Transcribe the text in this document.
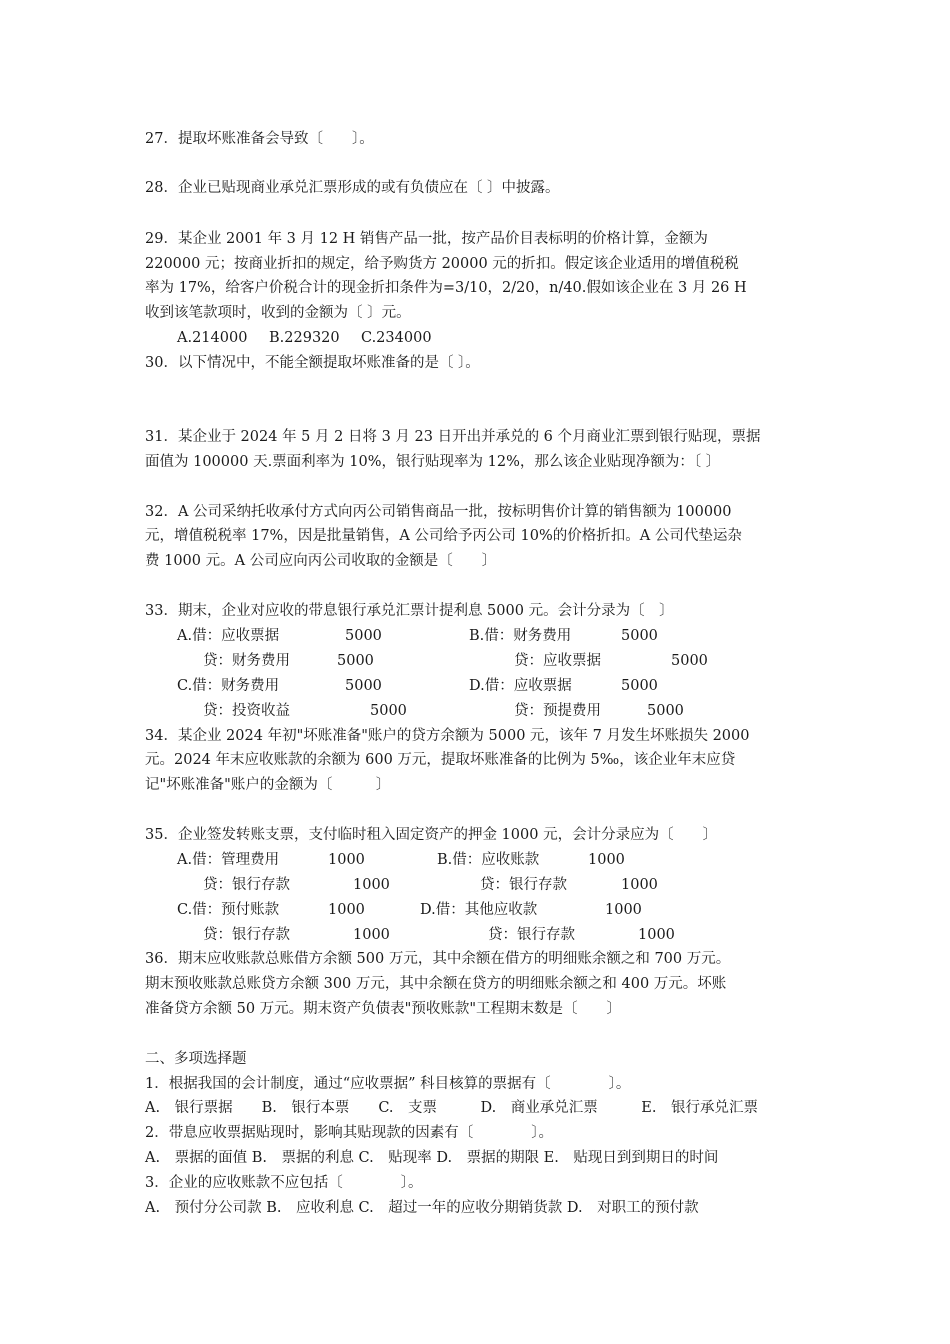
27．提取坏账准备会导致〔　　〕。
28．企业已贴现商业承兑汇票形成的或有负债应在〔 〕中披露。
29．某企业 2001 年 3 月 12 H 销售产品一批，按产品价目表标明的价格计算，金额为
220000 元；按商业折扣的规定，给予购货方 20000 元的折扣。假定该企业适用的增值税税
率为 17%，给客户价税合计的现金折扣条件为=3/10，2/20，n/40.假如该企业在 3 月 26 H
收到该笔款项时，收到的金额为〔 〕元。
A.214000 B.229320 C.234000
30．以下情况中，不能全额提取坏账准备的是〔 〕。
31．某企业于 2024 年 5 月 2 日将 3 月 23 日开出并承兑的 6 个月商业汇票到银行贴现，票据
面值为 100000 天.票面利率为 10%，银行贴现率为 12%，那么该企业贴现净额为：〔 〕
32．A 公司采纳托收承付方式向丙公司销售商品一批，按标明售价计算的销售额为 100000
元，增值税税率 17%，因是批量销售，A 公司给予丙公司 10%的价格折扣。A 公司代垫运杂
费 1000 元。A 公司应向丙公司收取的金额是〔　　〕
33．期末，企业对应收的带息银行承兑汇票计提利息 5000 元。会计分录为〔　〕
A.借：应收票据	5000	B.借：财务费用	5000
贷：财务费用	5000	贷：应收票据	5000
C.借：财务费用	5000	D.借：应收票据	5000
贷：投资收益	5000	贷：预提费用	5000
34．某企业 2024 年初"坏账准备"账户的贷方余额为 5000 元，该年 7 月发生坏账损失 2000
元。2024 年末应收账款的余额为 600 万元，提取坏账准备的比例为 5‰，该企业年末应贷
记"坏账准备"账户的金额为〔　　　〕
35．企业签发转账支票，支付临时租入固定资产的押金 1000 元，会计分录应为〔　　〕
A.借：管理费用	1000	B.借：应收账款	1000
贷：银行存款	1000	贷：银行存款	1000
C.借：预付账款	1000	D.借：其他应收款	1000
贷：银行存款	1000	贷：银行存款	1000
36．期末应收账款总账借方余额 500 万元，其中余额在借方的明细账余额之和 700 万元。
期末预收账款总账贷方余额 300 万元，其中余额在贷方的明细账余额之和 400 万元。坏账
准备贷方余额 50 万元。期末资产负债表"预收账款"工程期末数是〔　　〕
二、多项选择题
1．根据我国的会计制度，通过“应收票据” 科目核算的票据有〔　　　　〕。
A.　银行票据　　B.　银行本票　　C.　支票　　　D.　商业承兑汇票　　　E.　银行承兑汇票
2．带息应收票据贴现时，影响其贴现款的因素有〔　　　　〕。
A.　票据的面值 B.　票据的利息 C.　贴现率 D.　票据的期限 E.　贴现日到到期日的时间
3．企业的应收账款不应包括〔　　　　〕。
A.　预付分公司款 B.　应收利息 C.　超过一年的应收分期销货款 D.　对职工的预付款
